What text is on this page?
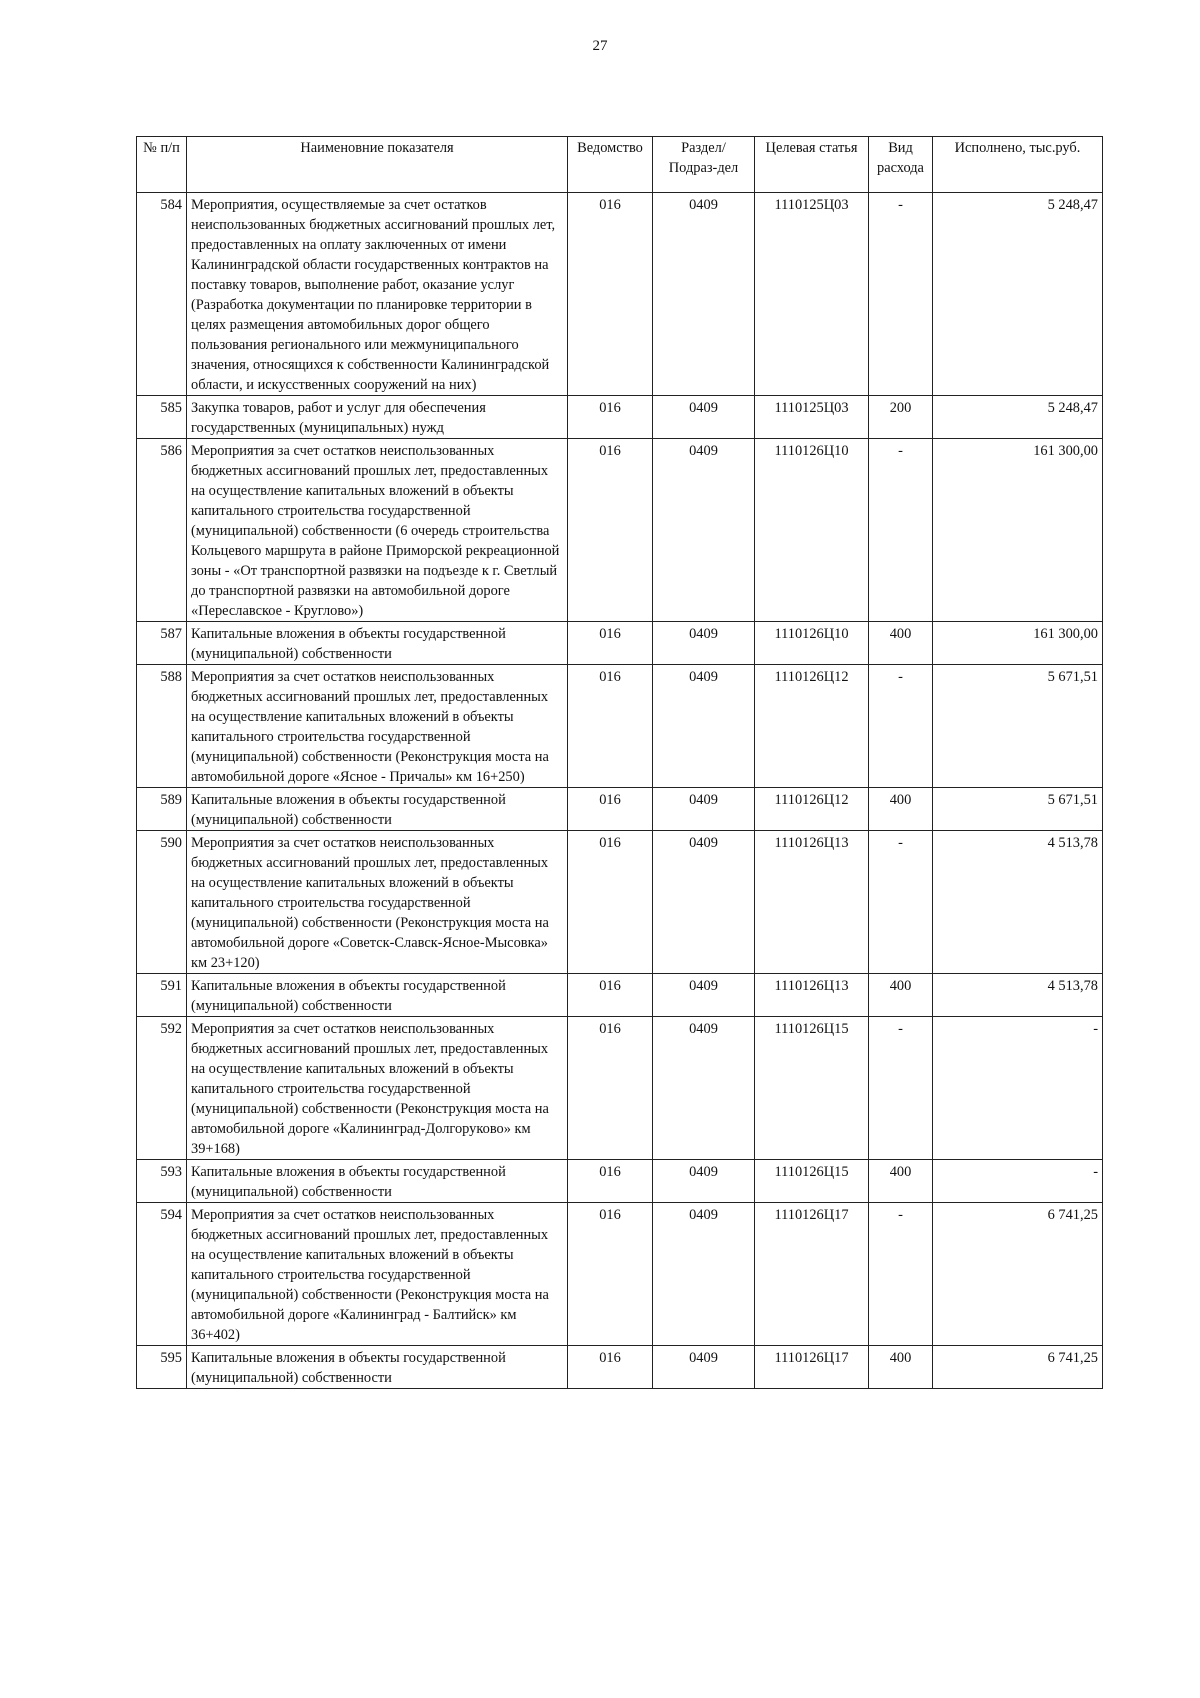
27
№ п/п	Наименовние показателя	Ведомство	Раздел/Подраз-дел	Целевая статья	Вид расхода	Исполнено, тыс.руб.
584	Мероприятия, осуществляемые за счет остатков неиспользованных бюджетных ассигнований прошлых лет, предоставленных на оплату заключенных от имени Калининградской области государственных контрактов на поставку товаров, выполнение работ, оказание услуг (Разработка документации по планировке территории в целях размещения автомобильных дорог общего пользования регионального или межмуниципального значения, относящихся к собственности Калининградской области, и искусственных сооружений на них)	016	0409	1110125Ц03	-	5 248,47
585	Закупка товаров, работ и услуг для обеспечения государственных (муниципальных) нужд	016	0409	1110125Ц03	200	5 248,47
586	Мероприятия за счет остатков неиспользованных бюджетных ассигнований прошлых лет, предоставленных на осуществление капитальных вложений в объекты капитального строительства государственной (муниципальной) собственности (6 очередь строительства Кольцевого маршрута в районе Приморской рекреационной зоны - «От транспортной развязки на подъезде к г. Светлый до транспортной развязки на автомобильной дороге «Переславское - Круглово»)	016	0409	1110126Ц10	-	161 300,00
587	Капитальные вложения в объекты государственной (муниципальной) собственности	016	0409	1110126Ц10	400	161 300,00
588	Мероприятия за счет остатков неиспользованных бюджетных ассигнований прошлых лет, предоставленных на осуществление капитальных вложений в объекты капитального строительства государственной (муниципальной) собственности (Реконструкция моста на автомобильной дороге «Ясное - Причалы» км 16+250)	016	0409	1110126Ц12	-	5 671,51
589	Капитальные вложения в объекты государственной (муниципальной) собственности	016	0409	1110126Ц12	400	5 671,51
590	Мероприятия за счет остатков неиспользованных бюджетных ассигнований прошлых лет, предоставленных на осуществление капитальных вложений в объекты капитального строительства государственной (муниципальной) собственности (Реконструкция моста на автомобильной дороге «Советск-Славск-Ясное-Мысовка» км 23+120)	016	0409	1110126Ц13	-	4 513,78
591	Капитальные вложения в объекты государственной (муниципальной) собственности	016	0409	1110126Ц13	400	4 513,78
592	Мероприятия за счет остатков неиспользованных бюджетных ассигнований прошлых лет, предоставленных на осуществление капитальных вложений в объекты капитального строительства государственной (муниципальной) собственности (Реконструкция моста на автомобильной дороге «Калининград-Долгоруково» км 39+168)	016	0409	1110126Ц15	-	-
593	Капитальные вложения в объекты государственной (муниципальной) собственности	016	0409	1110126Ц15	400	-
594	Мероприятия за счет остатков неиспользованных бюджетных ассигнований прошлых лет, предоставленных на осуществление капитальных вложений в объекты капитального строительства государственной (муниципальной) собственности (Реконструкция моста на автомобильной дороге «Калининград - Балтийск» км 36+402)	016	0409	1110126Ц17	-	6 741,25
595	Капитальные вложения в объекты государственной (муниципальной) собственности	016	0409	1110126Ц17	400	6 741,25
